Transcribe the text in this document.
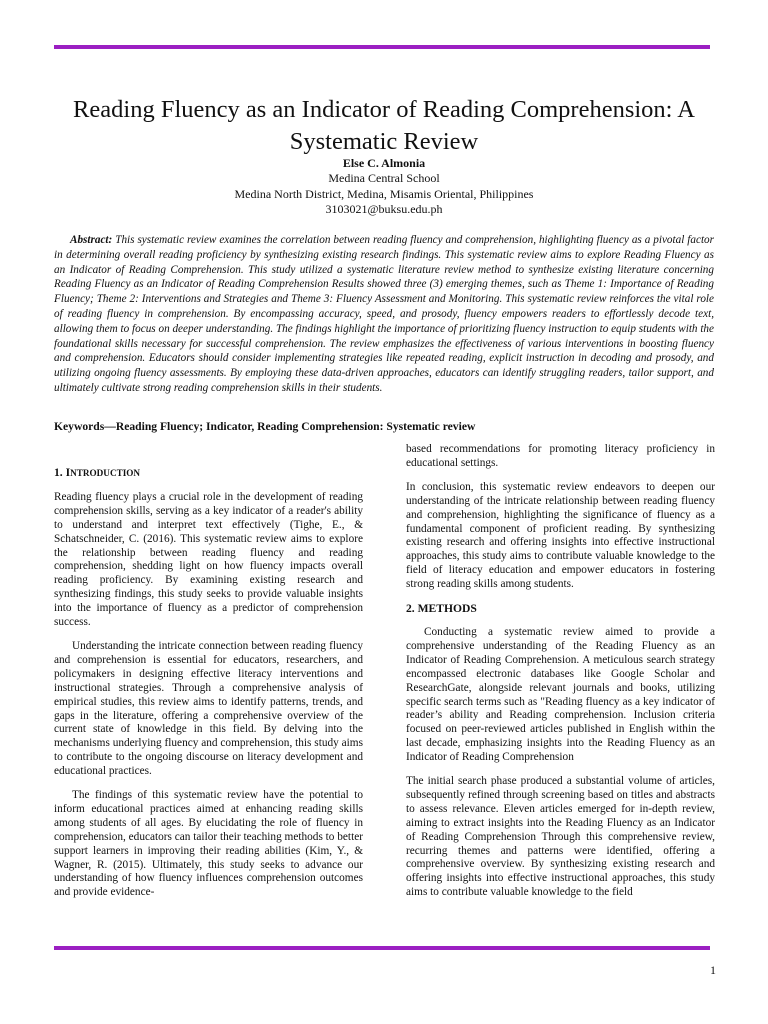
Reading Fluency as an Indicator of Reading Comprehension: A Systematic Review
Else C. Almonia
Medina Central School
Medina North District, Medina, Misamis Oriental, Philippines
3103021@buksu.edu.ph

Abstract: This systematic review examines the correlation between reading fluency and comprehension, highlighting fluency as a pivotal factor in determining overall reading proficiency by synthesizing existing research findings. This systematic review aims to explore Reading Fluency as an Indicator of Reading Comprehension. This study utilized a systematic literature review method to synthesize existing literature concerning Reading Fluency as an Indicator of Reading Comprehension Results showed three (3) emerging themes, such as Theme 1: Importance of Reading Fluency; Theme 2: Interventions and Strategies and Theme 3: Fluency Assessment and Monitoring. This systematic review reinforces the vital role of reading fluency in comprehension. By encompassing accuracy, speed, and prosody, fluency empowers readers to effortlessly decode text, allowing them to focus on deeper understanding. The findings highlight the importance of prioritizing fluency instruction to equip students with the foundational skills necessary for successful comprehension. The review emphasizes the effectiveness of various interventions in boosting fluency and comprehension. Educators should consider implementing strategies like repeated reading, explicit instruction in decoding and prosody, and utilizing ongoing fluency assessments. By employing these data-driven approaches, educators can identify struggling readers, tailor support, and ultimately cultivate strong reading comprehension skills in their students.

Keywords—Reading Fluency; Indicator, Reading Comprehension: Systematic review

1. INTRODUCTION

Reading fluency plays a crucial role in the development of reading comprehension skills, serving as a key indicator of a reader's ability to understand and interpret text effectively (Tighe, E., & Schatschneider, C. (2016). This systematic review aims to explore the relationship between reading fluency and reading comprehension, shedding light on how fluency impacts overall reading proficiency. By examining existing research and synthesizing findings, this study seeks to provide valuable insights into the importance of fluency as a predictor of comprehension success.

Understanding the intricate connection between reading fluency and comprehension is essential for educators, researchers, and policymakers in designing effective literacy interventions and instructional strategies. Through a comprehensive analysis of empirical studies, this review aims to identify patterns, trends, and gaps in the literature, offering a comprehensive overview of the current state of knowledge in this field. By delving into the mechanisms underlying fluency and comprehension, this study aims to contribute to the ongoing discourse on literacy development and educational practices.

The findings of this systematic review have the potential to inform educational practices aimed at enhancing reading skills among students of all ages. By elucidating the role of fluency in comprehension, educators can tailor their teaching methods to better support learners in improving their reading abilities (Kim, Y., & Wagner, R. (2015). Ultimately, this study seeks to advance our understanding of how fluency influences comprehension outcomes and provide evidence-

based recommendations for promoting literacy proficiency in educational settings.

In conclusion, this systematic review endeavors to deepen our understanding of the intricate relationship between reading fluency and comprehension, highlighting the significance of fluency as a fundamental component of proficient reading. By synthesizing existing research and offering insights into effective instructional approaches, this study aims to contribute valuable knowledge to the field of literacy education and empower educators in fostering strong reading skills among students.

2. METHODS

Conducting a systematic review aimed to provide a comprehensive understanding of the Reading Fluency as an Indicator of Reading Comprehension. A meticulous search strategy encompassed electronic databases like Google Scholar and ResearchGate, alongside relevant journals and books, utilizing specific search terms such as "Reading fluency as a key indicator of reader’s ability and Reading comprehension. Inclusion criteria focused on peer-reviewed articles published in English within the last decade, emphasizing insights into the Reading Fluency as an Indicator of Reading Comprehension

The initial search phase produced a substantial volume of articles, subsequently refined through screening based on titles and abstracts to assess relevance. Eleven articles emerged for in-depth review, aiming to extract insights into the Reading Fluency as an Indicator of Reading Comprehension Through this comprehensive review, recurring themes and patterns were identified, offering a comprehensive overview. By synthesizing existing research and offering insights into effective instructional approaches, this study aims to contribute valuable knowledge to the field

1
